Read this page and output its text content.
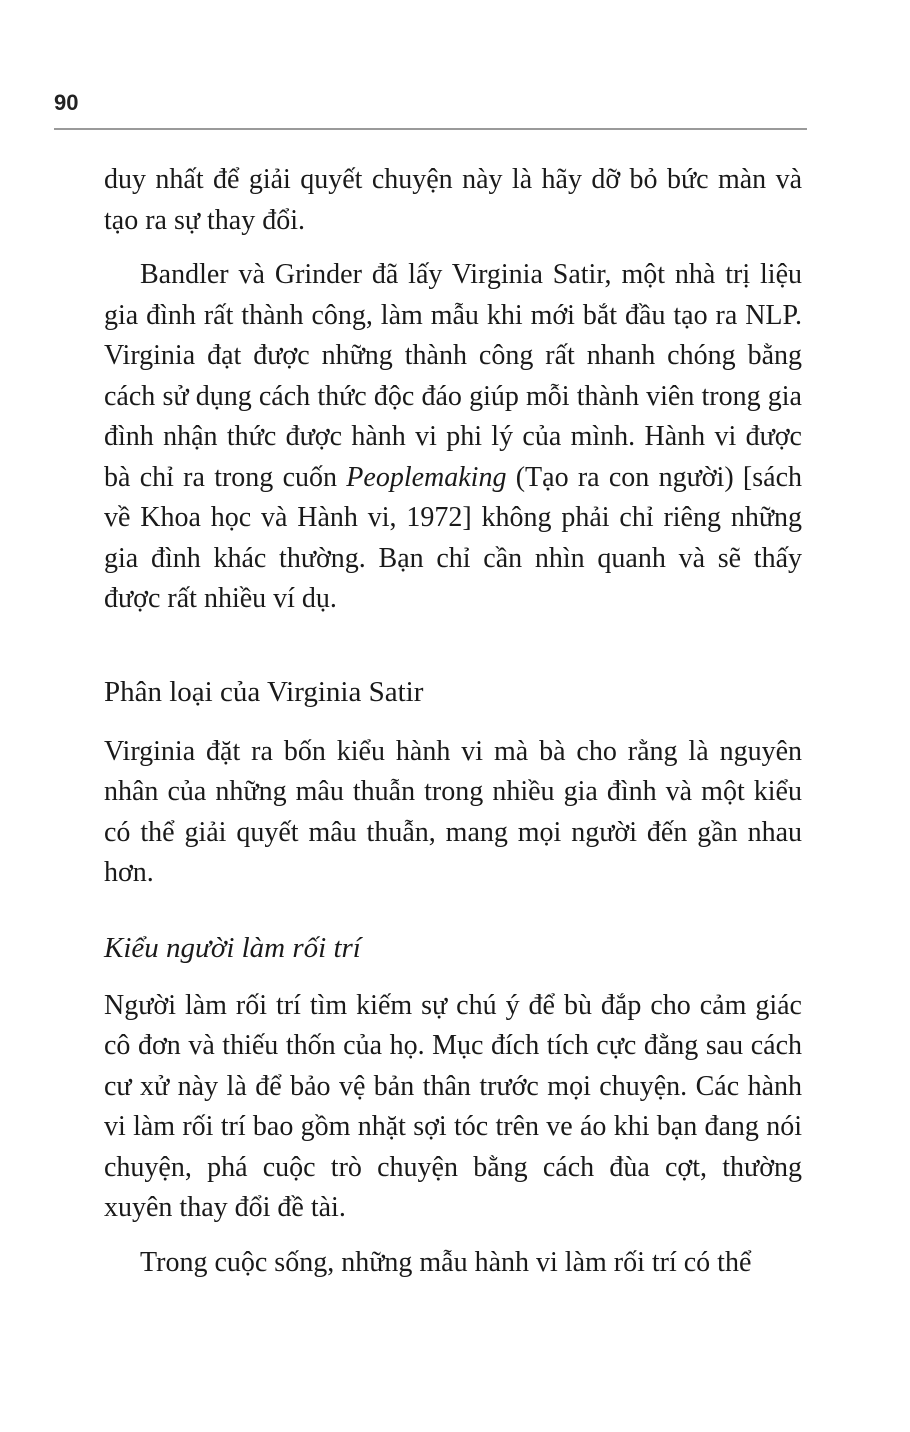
90

duy nhất để giải quyết chuyện này là hãy dỡ bỏ bức màn và tạo ra sự thay đổi.

Bandler và Grinder đã lấy Virginia Satir, một nhà trị liệu gia đình rất thành công, làm mẫu khi mới bắt đầu tạo ra NLP. Virginia đạt được những thành công rất nhanh chóng bằng cách sử dụng cách thức độc đáo giúp mỗi thành viên trong gia đình nhận thức được hành vi phi lý của mình. Hành vi được bà chỉ ra trong cuốn Peoplemaking (Tạo ra con người) [sách về Khoa học và Hành vi, 1972] không phải chỉ riêng những gia đình khác thường. Bạn chỉ cần nhìn quanh và sẽ thấy được rất nhiều ví dụ.

Phân loại của Virginia Satir

Virginia đặt ra bốn kiểu hành vi mà bà cho rằng là nguyên nhân của những mâu thuẫn trong nhiều gia đình và một kiểu có thể giải quyết mâu thuẫn, mang mọi người đến gần nhau hơn.

Kiểu người làm rối trí

Người làm rối trí tìm kiếm sự chú ý để bù đắp cho cảm giác cô đơn và thiếu thốn của họ. Mục đích tích cực đằng sau cách cư xử này là để bảo vệ bản thân trước mọi chuyện. Các hành vi làm rối trí bao gồm nhặt sợi tóc trên ve áo khi bạn đang nói chuyện, phá cuộc trò chuyện bằng cách đùa cợt, thường xuyên thay đổi đề tài.

Trong cuộc sống, những mẫu hành vi làm rối trí có thể
